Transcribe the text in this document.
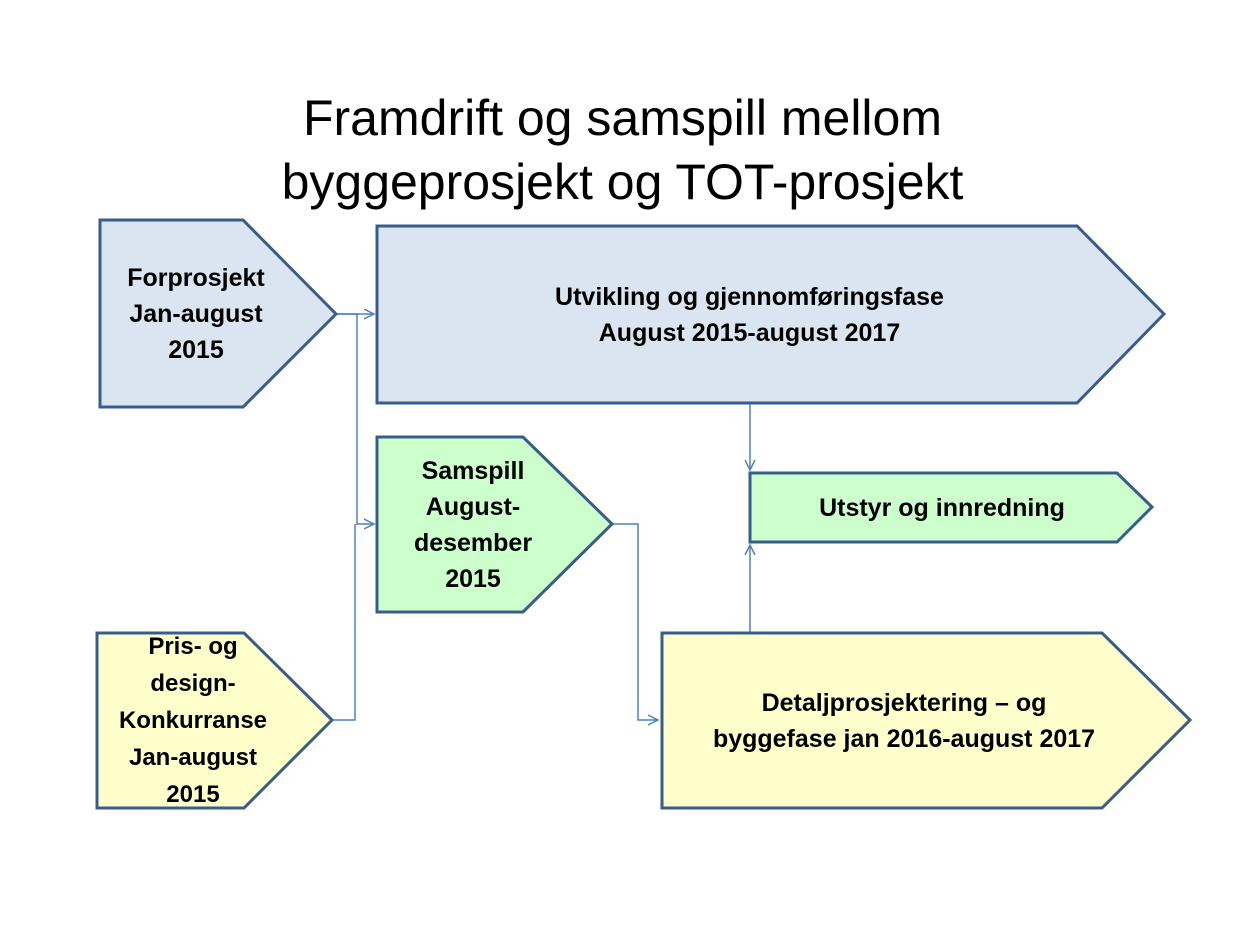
Framdrift og samspill mellom
byggeprosjekt og TOT-prosjekt
Forprosjekt
Jan-august
2015
Utvikling og gjennomføringsfase
August 2015-august 2017
Samspill
August-
desember
2015
Utstyr og innredning
Pris- og
design-
Konkurranse
Jan-august
2015
Detaljprosjektering – og
byggefase jan 2016-august 2017
